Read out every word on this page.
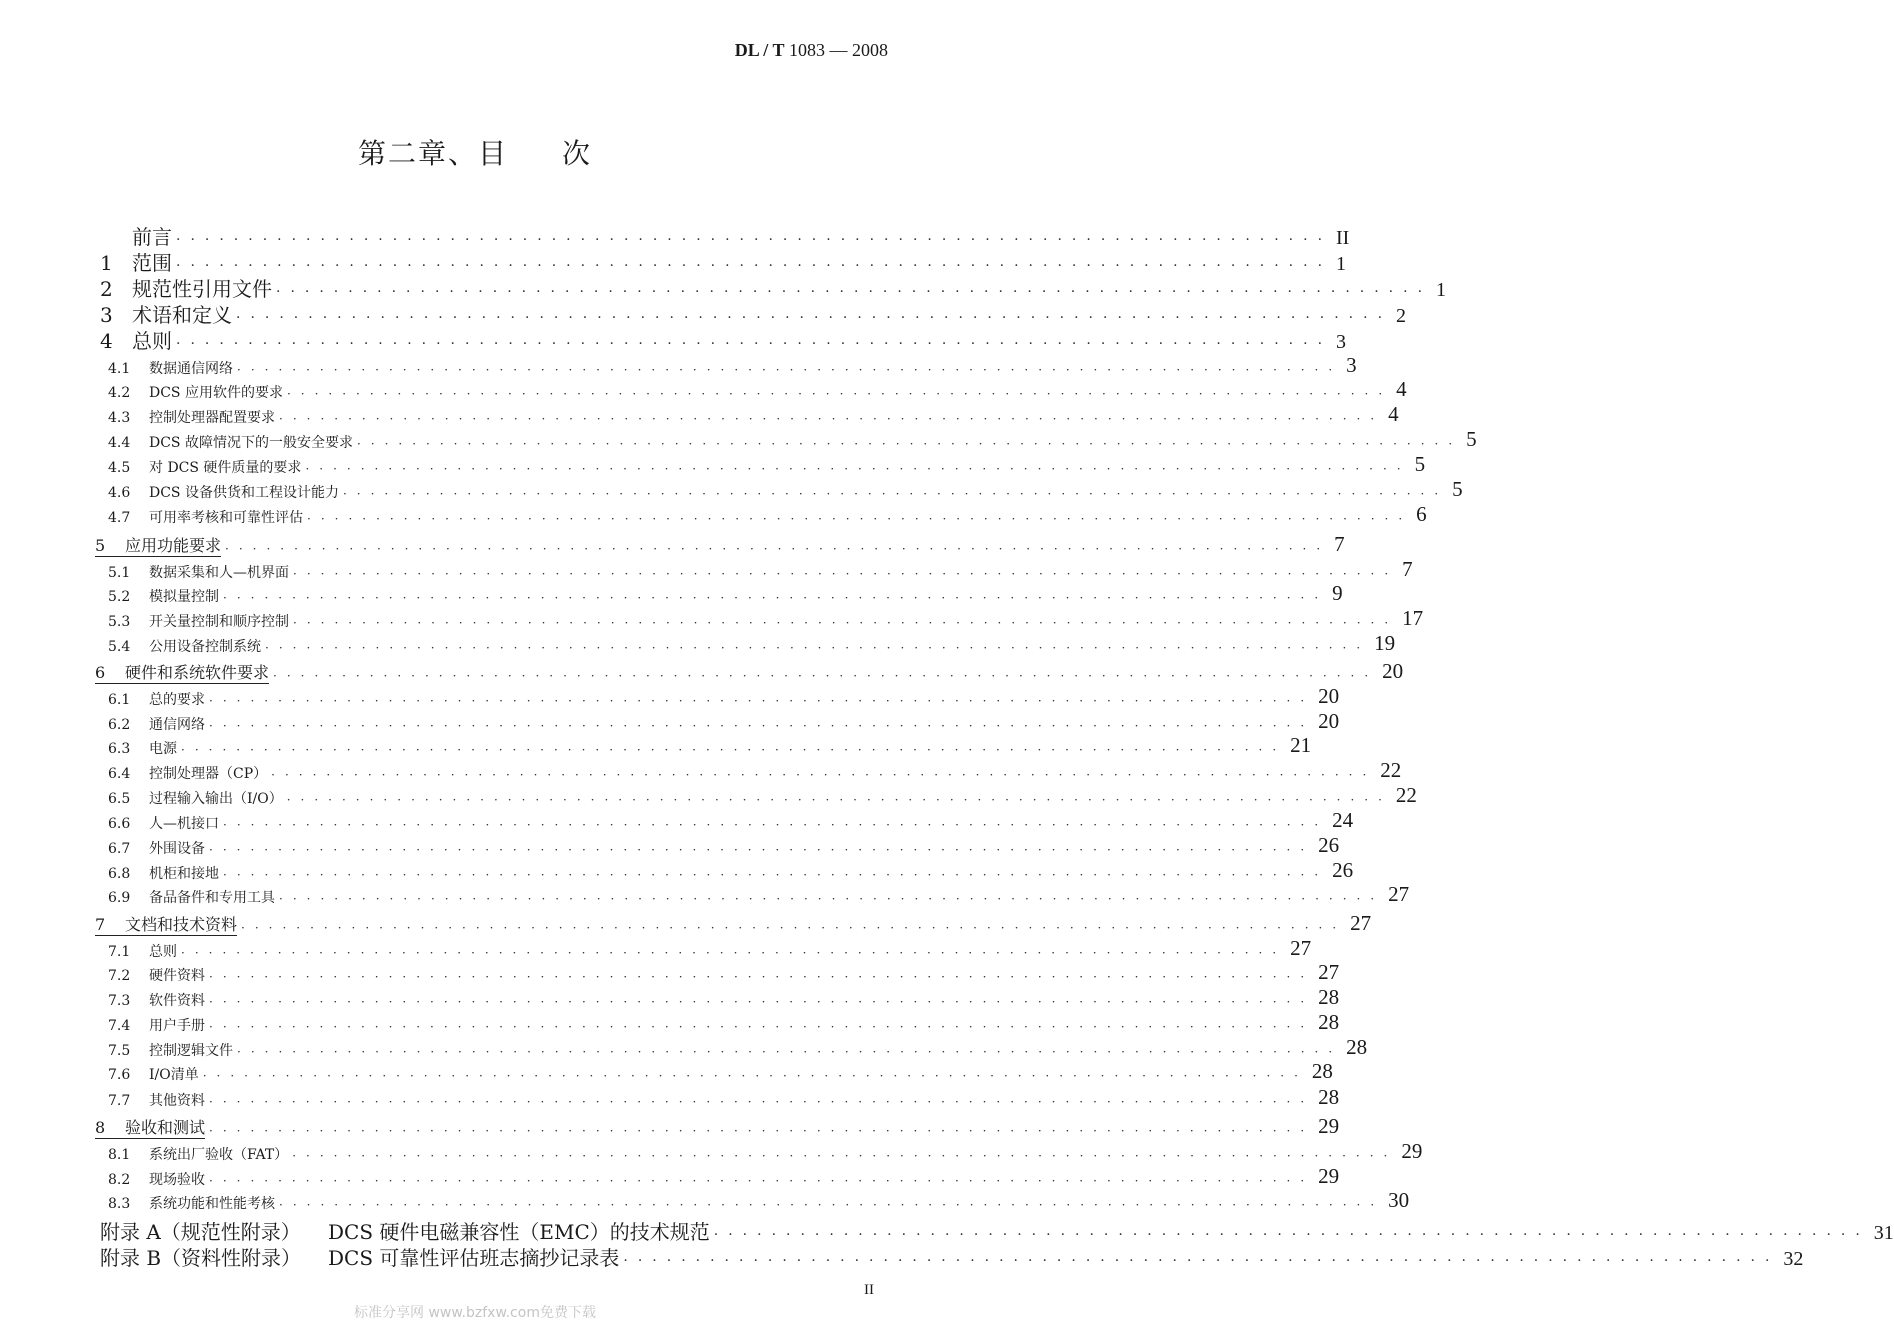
DL / T 1083 — 2008
第二章、目 次
前言 ················································································ II
1 范围 ················································································ 1
2 规范性引用文件 ················································································ 1
3 术语和定义 ················································································ 2
4 总则 ················································································ 3
4.1 数据通信网络 ················································································ 3
4.2 DCS 应用软件的要求 ················································································ 4
4.3 控制处理器配置要求 ················································································ 4
4.4 DCS 故障情况下的一般安全要求 ················································································ 5
4.5 对 DCS 硬件质量的要求 ················································································ 5
4.6 DCS 设备供货和工程设计能力 ················································································ 5
4.7 可用率考核和可靠性评估 ················································································ 6
5 应用功能要求 ················································································ 7
5.1 数据采集和人—机界面 ················································································ 7
5.2 模拟量控制 ················································································ 9
5.3 开关量控制和顺序控制 ················································································ 17
5.4 公用设备控制系统 ················································································ 19
6 硬件和系统软件要求 ················································································ 20
6.1 总的要求 ················································································ 20
6.2 通信网络 ················································································ 20
6.3 电源 ················································································ 21
6.4 控制处理器（CP） ················································································ 22
6.5 过程输入输出（I/O） ················································································ 22
6.6 人—机接口 ················································································ 24
6.7 外围设备 ················································································ 26
6.8 机柜和接地 ················································································ 26
6.9 备品备件和专用工具 ················································································ 27
7 文档和技术资料 ················································································ 27
7.1 总则 ················································································ 27
7.2 硬件资料 ················································································ 27
7.3 软件资料 ················································································ 28
7.4 用户手册 ················································································ 28
7.5 控制逻辑文件 ················································································ 28
7.6 I/O清单 ················································································ 28
7.7 其他资料 ················································································ 28
8 验收和测试 ················································································ 29
8.1 系统出厂验收（FAT） ················································································ 29
8.2 现场验收 ················································································ 29
8.3 系统功能和性能考核 ················································································ 30
附录 A（规范性附录） DCS 硬件电磁兼容性（EMC）的技术规范 ················································································ 31
附录 B（资料性附录） DCS 可靠性评估班志摘抄记录表 ················································································ 32
II
标准分享网 www.bzfxw.com免费下载
